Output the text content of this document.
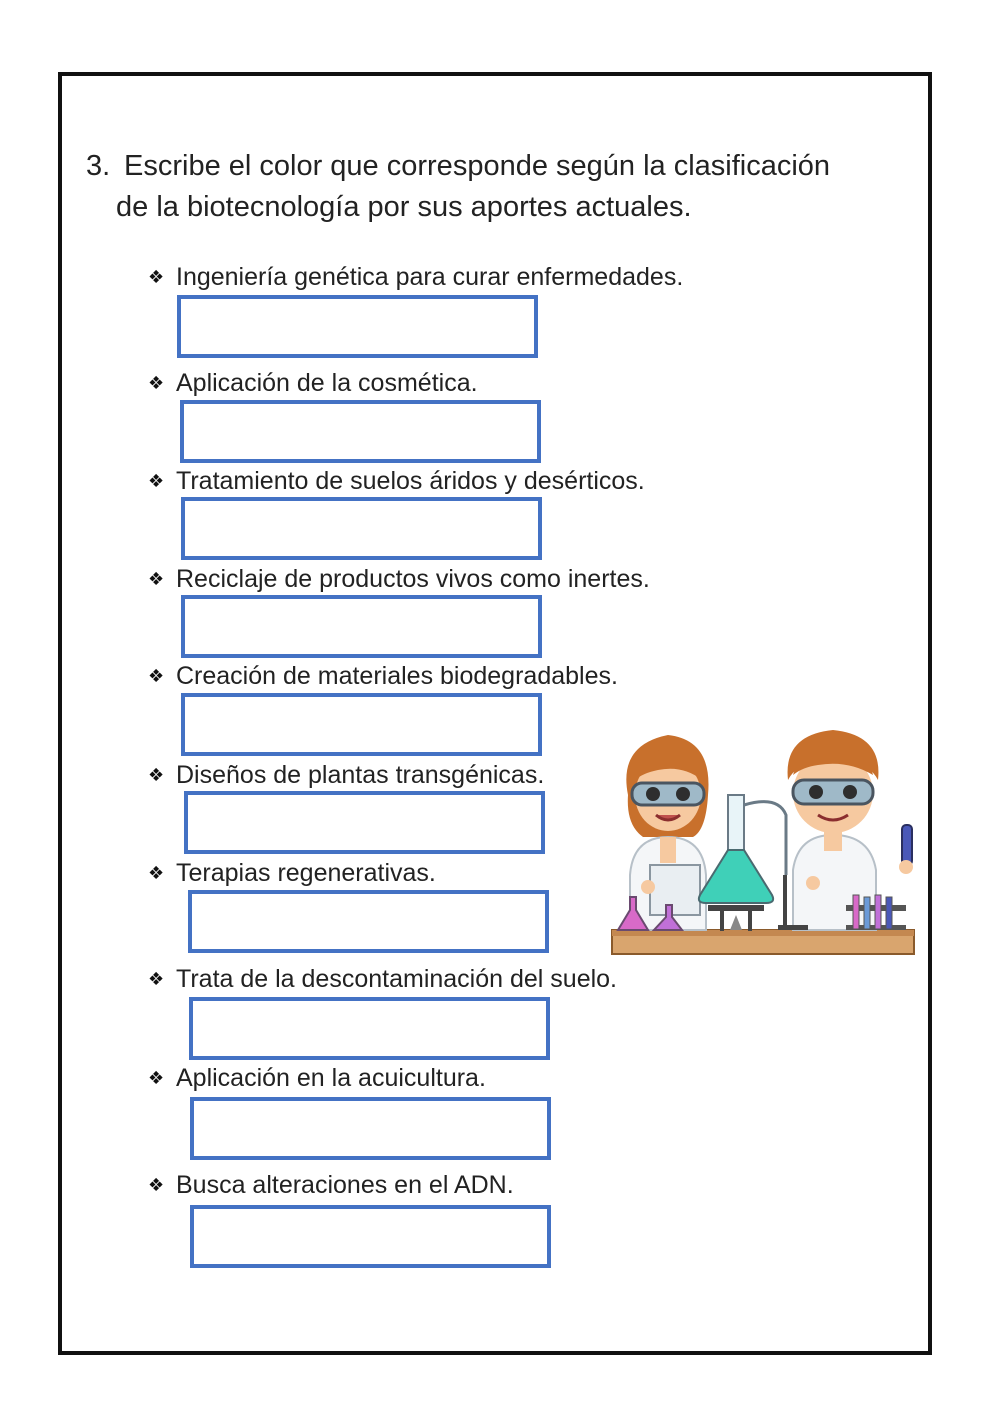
3. Escribe el color que corresponde según la clasificación
de la biotecnología por sus aportes actuales.
❖ Ingeniería genética para curar enfermedades.
❖ Aplicación de la cosmética.
❖ Tratamiento de suelos áridos y desérticos.
❖ Reciclaje de productos vivos como inertes.
❖ Creación de materiales biodegradables.
❖ Diseños de plantas transgénicas.
❖ Terapias regenerativas.
❖ Trata de la descontaminación del suelo.
❖ Aplicación en la acuicultura.
❖ Busca alteraciones en el ADN.
